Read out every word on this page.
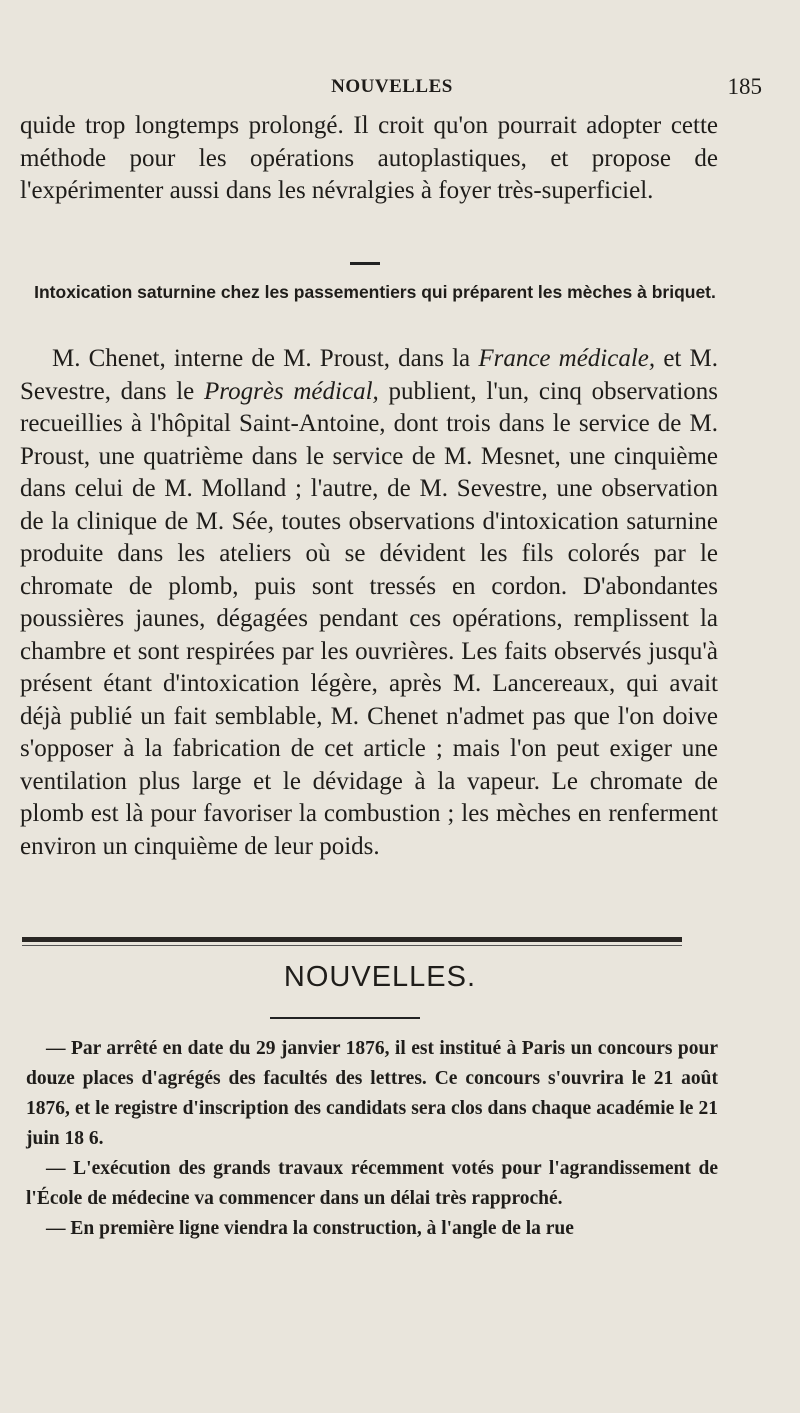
NOUVELLES	185

quide trop longtemps prolongé. Il croit qu'on pourrait adopter cette méthode pour les opérations autoplastiques, et propose de l'expérimenter aussi dans les névralgies à foyer très-superficiel.

Intoxication saturnine chez les passementiers qui préparent les mèches à briquet.

M. Chenet, interne de M. Proust, dans la France médicale, et M. Sevestre, dans le Progrès médical, publient, l'un, cinq observations recueillies à l'hôpital Saint-Antoine, dont trois dans le service de M. Proust, une quatrième dans le service de M. Mesnet, une cinquième dans celui de M. Molland ; l'autre, de M. Sevestre, une observation de la clinique de M. Sée, toutes observations d'intoxication saturnine produite dans les ateliers où se dévident les fils colorés par le chromate de plomb, puis sont tressés en cordon. D'abondantes poussières jaunes, dégagées pendant ces opérations, remplissent la chambre et sont respirées par les ouvrières. Les faits observés jusqu'à présent étant d'intoxication légère, après M. Lancereaux, qui avait déjà publié un fait semblable, M. Chenet n'admet pas que l'on doive s'opposer à la fabrication de cet article ; mais l'on peut exiger une ventilation plus large et le dévidage à la vapeur. Le chromate de plomb est là pour favoriser la combustion ; les mèches en renferment environ un cinquième de leur poids.

NOUVELLES.

— Par arrêté en date du 29 janvier 1876, il est institué à Paris un concours pour douze places d'agrégés des facultés des lettres. Ce concours s'ouvrira le 21 août 1876, et le registre d'inscription des candidats sera clos dans chaque académie le 21 juin 18 6.

— L'exécution des grands travaux récemment votés pour l'agrandissement de l'École de médecine va commencer dans un délai très rapproché.

— En première ligne viendra la construction, à l'angle de la rue
